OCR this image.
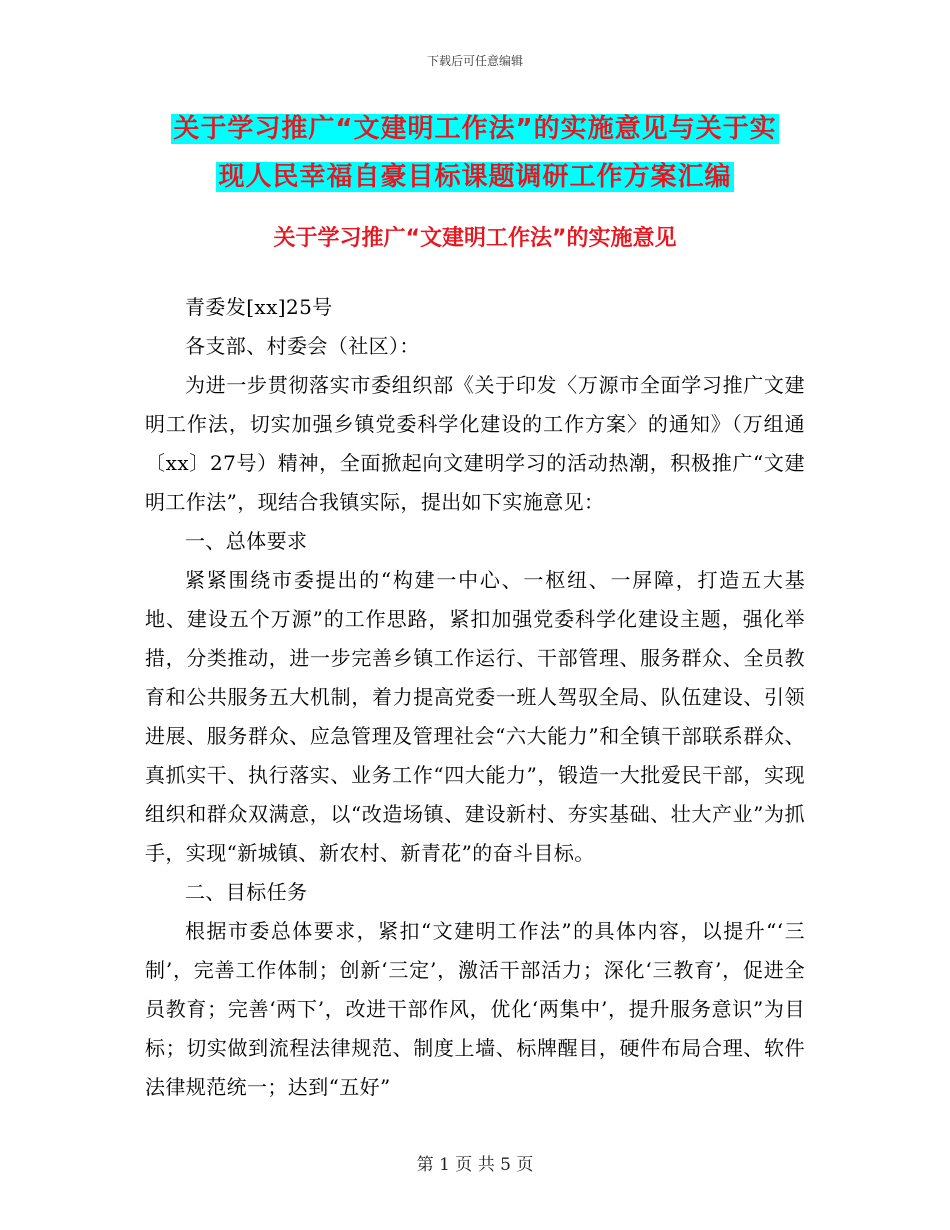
下载后可任意编辑
关于学习推广“文建明工作法”的实施意见与关于实
现人民幸福自豪目标课题调研工作方案汇编
关于学习推广“文建明工作法”的实施意见

青委发[xx]25号

各支部、村委会（社区）：

为进一步贯彻落实市委组织部《关于印发〈万源市全面学习推广文建明工作法，切实加强乡镇党委科学化建设的工作方案〉的通知》（万组通〔xx〕27号）精神，全面掀起向文建明学习的活动热潮，积极推广“文建明工作法”，现结合我镇实际，提出如下实施意见：

一、总体要求

紧紧围绕市委提出的“构建一中心、一枢纽、一屏障，打造五大基地、建设五个万源”的工作思路，紧扣加强党委科学化建设主题，强化举措，分类推动，进一步完善乡镇工作运行、干部管理、服务群众、全员教育和公共服务五大机制，着力提高党委一班人驾驭全局、队伍建设、引领进展、服务群众、应急管理及管理社会“六大能力”和全镇干部联系群众、真抓实干、执行落实、业务工作“四大能力”，锻造一大批爱民干部，实现组织和群众双满意，以“改造场镇、建设新村、夯实基础、壮大产业”为抓手，实现“新城镇、新农村、新青花”的奋斗目标。

二、目标任务

根据市委总体要求，紧扣“文建明工作法”的具体内容，以提升“‘三制’，完善工作体制；创新‘三定’，激活干部活力；深化‘三教育’，促进全员教育；完善‘两下’，改进干部作风，优化‘两集中’，提升服务意识”为目标；切实做到流程法律规范、制度上墙、标牌醒目，硬件布局合理、软件法律规范统一；达到“五好”

第 1 页 共 5 页
